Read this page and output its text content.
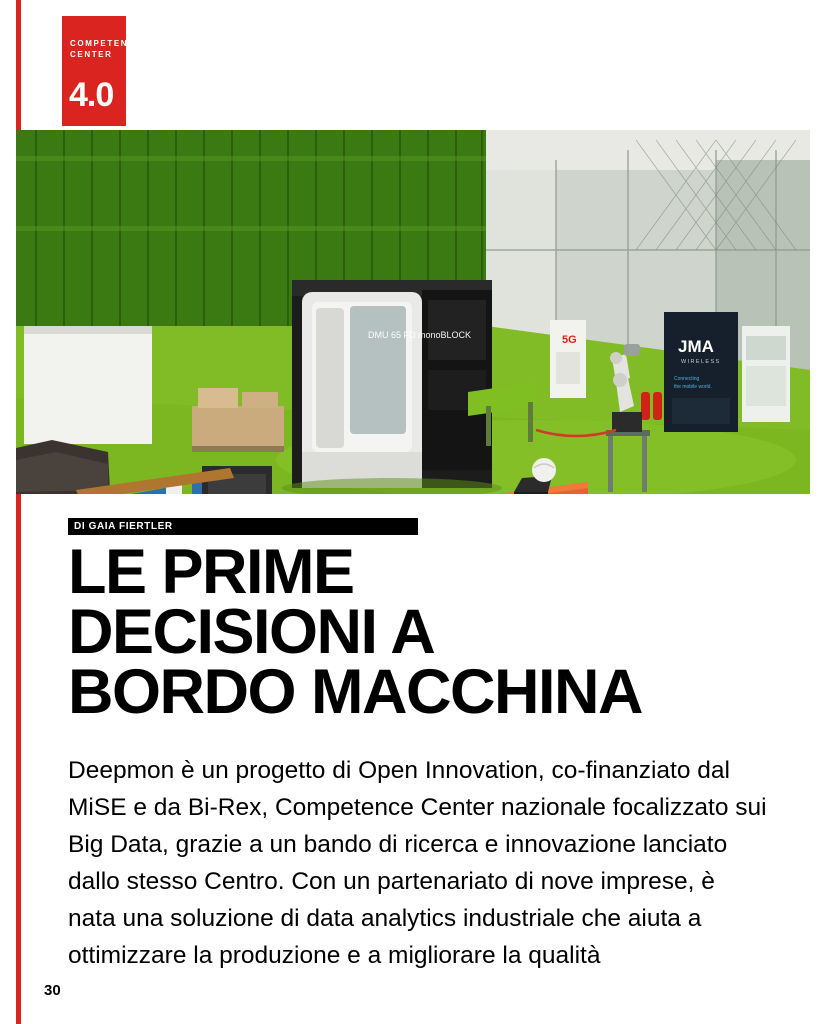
COMPETENCE
CENTER
4.0
DMU 65 FD monoBLOCK
JMA
WIRELESS
Connecting
the mobile world.
5G
DI GAIA FIERTLER
LE PRIME
DECISIONI A
BORDO MACCHINA
Deepmon è un progetto di Open Innovation, co-finanziato dal MiSE e da Bi-Rex, Competence Center nazionale focalizzato sui Big Data, grazie a un bando di ricerca e innovazione lanciato dallo stesso Centro. Con un partenariato di nove imprese, è nata una soluzione di data analytics industriale che aiuta a ottimizzare la produzione e a migliorare la qualità
30
